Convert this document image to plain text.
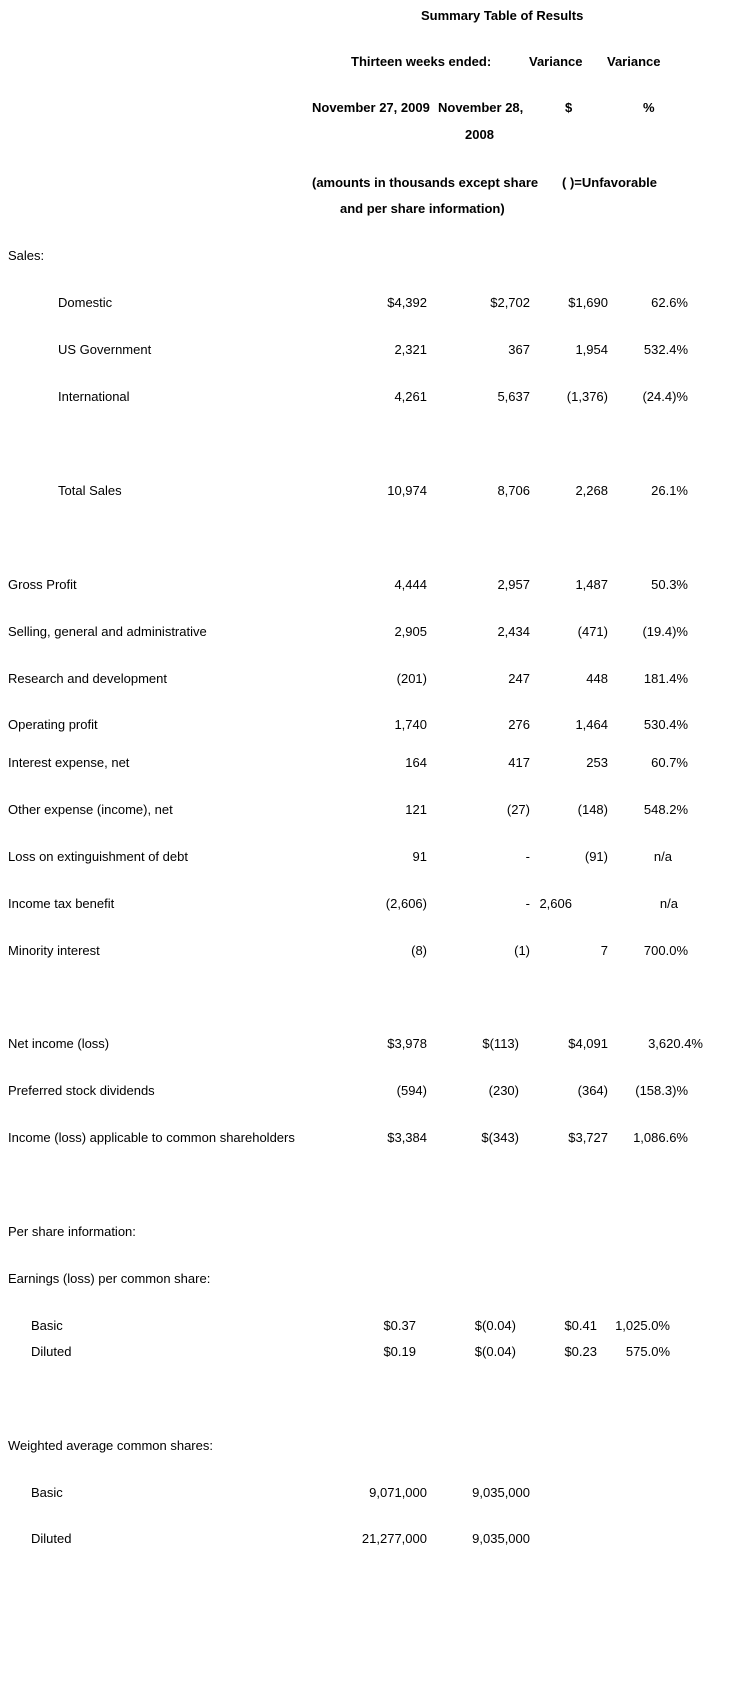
Summary Table of Results
Thirteen weeks ended:	Variance Variance
November 27, 2009 November 28,
2008
$	%
(amounts in thousands except share
and per share information)
( )=Unfavorable
Sales:
Domestic	$4,392	$2,702	$1,690	62.6%
US Government	2,321	367	1,954	532.4%
International	4,261	5,637	(1,376)	(24.4)%
Total Sales	10,974	8,706	2,268	26.1%
Gross Profit	4,444	2,957	1,487	50.3%
Selling, general and administrative	2,905	2,434	(471)	(19.4)%
Research and development	(201)	247	448	181.4%
Operating profit	1,740	276	1,464	530.4%
Interest expense, net	164	417	253	60.7%
Other expense (income), net	121	(27)	(148)	548.2%
Loss on extinguishment of debt	91	-	(91)	n/a
Income tax benefit	(2,606)	- 2,606	n/a
Minority interest	(8)	(1)	7	700.0%
Net income (loss)	$3,978	$(113)	$4,091	3,620.4%
Preferred stock dividends	(594)	(230)	(364) (158.3)%
Income (loss) applicable to common shareholders	$3,384	$(343)	$3,727 1,086.6%
Per share information:
Earnings (loss) per common share:
Basic	$0.37	$(0.04)	$0.41 1,025.0%
Diluted	$0.19	$(0.04)	$0.23 575.0%
Weighted average common shares:
Basic	9,071,000	9,035,000
Diluted	21,277,000	9,035,000
